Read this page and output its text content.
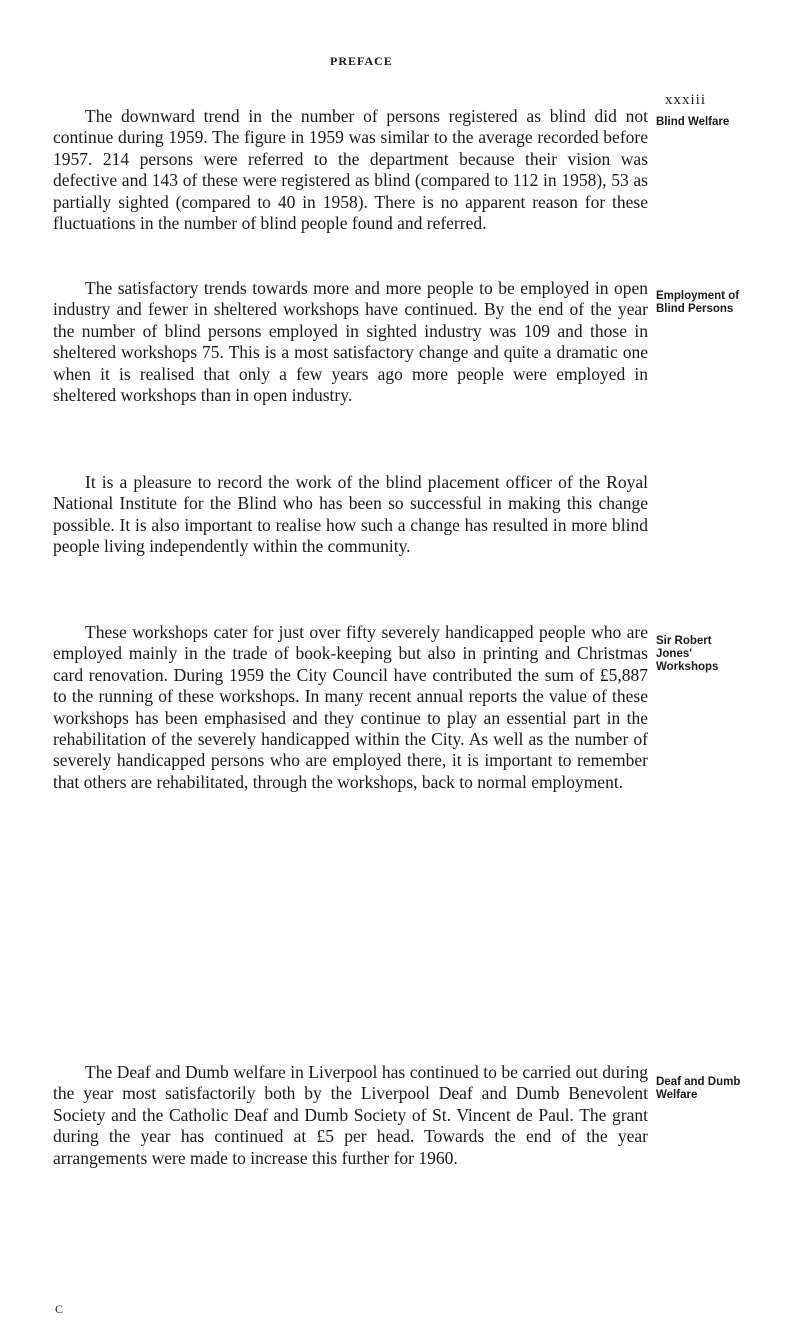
PREFACE
xxxiii

The downward trend in the number of persons registered as blind did not continue during 1959. The figure in 1959 was similar to the average recorded before 1957. 214 persons were referred to the department because their vision was defective and 143 of these were registered as blind (compared to 112 in 1958), 53 as partially sighted (compared to 40 in 1958). There is no apparent reason for these fluctuations in the number of blind people found and referred.

Blind Welfare

The satisfactory trends towards more and more people to be employed in open industry and fewer in sheltered workshops have continued. By the end of the year the number of blind persons employed in sighted industry was 109 and those in sheltered workshops 75. This is a most satisfactory change and quite a dramatic one when it is realised that only a few years ago more people were employed in sheltered workshops than in open industry.

Employment of Blind Persons

It is a pleasure to record the work of the blind placement officer of the Royal National Institute for the Blind who has been so successful in making this change possible. It is also important to realise how such a change has resulted in more blind people living independently within the community.

These workshops cater for just over fifty severely handicapped people who are employed mainly in the trade of book-keeping but also in printing and Christmas card renovation. During 1959 the City Council have contributed the sum of £5,887 to the running of these workshops. In many recent annual reports the value of these workshops has been emphasised and they continue to play an essential part in the rehabilitation of the severely handicapped within the City. As well as the number of severely handicapped persons who are employed there, it is important to remember that others are rehabilitated, through the workshops, back to normal employment.

Sir Robert Jones' Workshops

The Deaf and Dumb welfare in Liverpool has continued to be carried out during the year most satisfactorily both by the Liverpool Deaf and Dumb Benevolent Society and the Catholic Deaf and Dumb Society of St. Vincent de Paul. The grant during the year has continued at £5 per head. Towards the end of the year arrangements were made to increase this further for 1960.

Deaf and Dumb Welfare

C
